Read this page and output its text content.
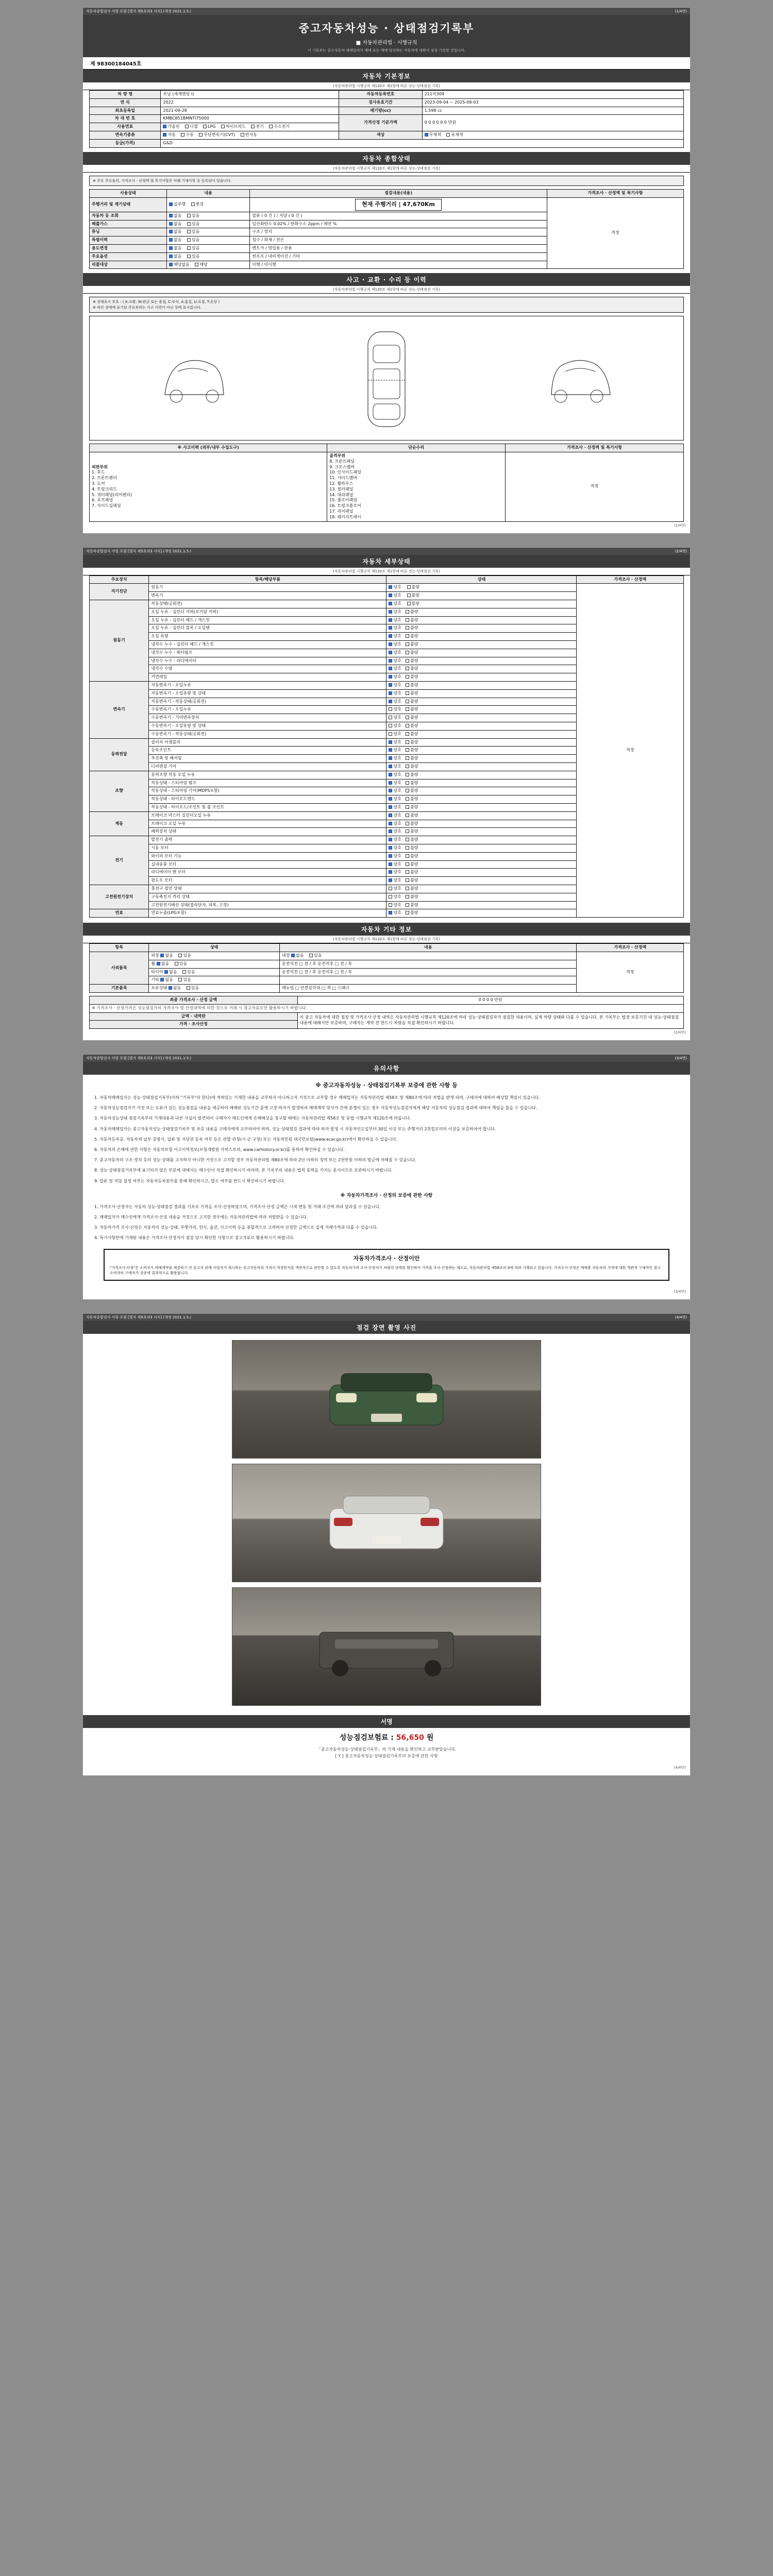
자동차종합검사 사항 포함 [별지 제5호의3 서식] (개정 2021.1.5.)	(1/4면)
중고자동차성능 · 상태점검기록부
■ 자동차관리법 · 시행규칙
이 기록부는 중고자동차 매매업자가 매매 또는 매매 알선하는 자동차에 대하여 점검·기록한 것입니다.
제 98300184045호
자동차 기본정보
(자동차관리법 시행규칙 제120조 제1항에 따른 성능·상태점검 기록)
차 량 명	쏘낭 (세계엔딩 Ⅰ)	자동차등록번호	211머309
연 식	2022	검사유효기간	2023-09-04 ~ 2025-09-03
최초등록일	2021-09-28	배기량(cc)	1,598 cc
차 대 번 호	KMBC851BMNTI75000	가격산정 기준가액	0 0 0 0 0 0 만원
사용연료	가솔린 디젤 LPG 하이브리드 전기 수소전기		
변속기종류	자동 수동 무단변속기(CVT) 반자동	색상	무채색 유채색
등급(가격)	G&D		
자동차 종합상태
(자동차관리법 시행규칙 제120조 제1항에 따른 성능·상태점검 기록)
※ 주요 주요옵션, 가격조사 · 산정액 및 특기사항은 아래 기재사항 중 등록되어 있습니다.
사용상태	내용	점검내용(내용)	가격조사 · 산정액 및 특기사항
주행거리 및 계기상태	실주행 변경	현재 주행거리 | 47,670Km	적정
자동차 등 조회	없음 있음	압류 ( 0 건 ) / 저당 ( 0 건 )	
배출가스	없음 있음	일산화탄소 0.02% / 탄화수소 2ppm / 매연 %	
튜닝	없음 있음	구조 / 장치	
특별이력	없음 있음	침수 / 화재 / 전손	
용도변경	없음 있음	렌트카 / 영업용 / 관용	
주요옵션	없음 있음	썬루프 / 내비게이션 / 기타	
리콜대상	해당없음 해당	이행 / 미이행	
사고 · 교환 · 수리 등 이력
(자동차관리법 시행규칙 제120조 제1항에 따른 성능·상태점검 기록)
※ 상태표시 부호 : ( X:교환, W:판금 또는 용접, C:부식, A:흠집, U:요철, T:손상 )
※ 하단 상태에 표기된 주요부위는 사고 이력이 아닌 상태 표시입니다.
※ 사고이력 (외부/내부 수집도구)	단순수리	가격조사 · 산정액 및 특기사항

외판부위
1. 후드
2. 프론트펜더
3. 도어
4. 트렁크리드
5. 쿼터패널(리어펜더)
6. 루프패널
7. 사이드실패널

골격부위
8. 프론트패널
9. 크로스멤버
10. 인사이드패널
11. 사이드멤버
12. 휠하우스
13. 필러패널
14. 대쉬패널
15. 플로어패널
16. 트렁크플로어
17. 리어패널
18. 패키지트레이
	적정
(1/4면)
자동차종합검사 사항 포함 [별지 제5호의3 서식] (개정 2021.1.5.)	(2/4면)
자동차 세부상태
(자동차관리법 시행규칙 제120조 제1항에 따른 성능·상태점검 기록)
주요장치	항목/해당부품	상태	가격조사 · 산정액
자기진단	원동기	양호 불량	적정
	변속기	양호 불량	
원동기	작동상태(공회전)	양호 불량	
	오일 누유 - 실린더 커버(로커암 커버)	양호 불량	
	오일 누유 - 실린더 헤드 / 개스킷	양호 불량	
	오일 누유 - 실린더 블록 / 오일팬	양호 불량	
	오일 유량	양호 불량	
	냉각수 누수 - 실린더 헤드 / 개스킷	양호 불량	
	냉각수 누수 - 워터펌프	양호 불량	
	냉각수 누수 - 라디에이터	양호 불량	
	냉각수 수량	양호 불량	
	커먼레일	양호 불량	
변속기	자동변속기 - 오일누유	양호 불량	
	자동변속기 - 오일유량 및 상태	양호 불량	
	자동변속기 - 작동상태(공회전)	양호 불량	
	수동변속기 - 오일누유	양호 불량	
	수동변속기 - 기어변속장치	양호 불량	
	수동변속기 - 오일유량 및 상태	양호 불량	
	수동변속기 - 작동상태(공회전)	양호 불량	
동력전달	클러치 어셈블리	양호 불량	
	등속조인트	양호 불량	
	추진축 및 베어링	양호 불량	
	디퍼렌셜 기어	양호 불량	
조향	동력조향 작동 오일 누유	양호 불량	
	작동상태 - 스티어링 펌프	양호 불량	
	작동상태 - 스티어링 기어(MDPS포함)	양호 불량	
	작동상태 - 타이로드엔드	양호 불량	
	작동상태 - 타이로드/조인트 및 볼 조인트	양호 불량	
제동	브레이크 마스터 실린더오일 누유	양호 불량	
	브레이크 오일 누유	양호 불량	
	배력장치 상태	양호 불량	
전기	발전기 출력	양호 불량	
	시동 모터	양호 불량	
	와이퍼 모터 기능	양호 불량	
	실내송풍 모터	양호 불량	
	라디에이터 팬 모터	양호 불량	
	윈도우 모터	양호 불량	
고전원전기장치	충전구 절연 상태	양호 불량	
	구동축전지 격리 상태	양호 불량	
	고전원전기배선 상태(접속단자, 피복, 고정)	양호 불량	
연료	연료누출(LPG포함)	양호 불량	
자동차 기타 정보
(자동차관리법 시행규칙 제120조 제1항에 따른 성능·상태점검 기록)
항목	상태	내용	가격조사 · 산정액
사외품목	외장 없음 있음	내장 없음 있음	적정
	휠 없음 있음	운전석전 □ 전 / 후 운전석후 □ 전 / 후	
	타이어 없음 있음	운전석전 □ 전 / 후 운전석후 □ 전 / 후	
	기타 없음 있음		
기본품목	보유상태 없음 있음	매뉴얼 □ 안전삼각대 □ 잭 □ 스패너	
최종 가격조사 · 산정 금액	0 0 0 0 만원
※ 가격조사 · 산정가격은 성능점검자의 가격조사 및 산정내역에 의한 것으로 거래 시 참고자료로만 활용하시기 바랍니다.	
금액 · 내역란	이 중고 자동차에 대한 점검 및 가격조사·산정 내역은 자동차관리법 시행규칙 제120조에 따라 성능·상태점검자가 점검한 내용이며, 실제 차량 상태와 다를 수 있습니다. 본 기록부는 법정 보증기간 내 성능·상태점검 내용에 대해서만 보증하며, 구매자는 계약 전 반드시 차량을 직접 확인하시기 바랍니다.
가격 · 조사산정	
(2/4면)
자동차종합검사 사항 포함 [별지 제5호의3 서식] (개정 2021.1.5.)	(3/4면)
유의사항
※ 중고자동차성능 · 상태점검기록부 보증에 관한 사항 등

1. 자동차매매업자는 성능·상태점검기록부(이하 "기록부"라 한다)에 적혀있는 기재한 내용을 교부하지 아니하고자 거짓으로 교부할 경우 매매업자는 자동차관리법 제58조 및 제80조에 따라 처벌을 받게 되며, 구매자에 대하여 배상할 책임이 있습니다.

2. 자동차성능점검자가 거짓 또는 오류가 있는 성능점검을 내용을 제공하여 매매된 성능기간 중에 고장·하자가 발생하여 매매계약 당사자 간에 분쟁이 있는 경우 자동차성능점검자에게 해당 자동차의 성능점검 결과에 대하여 책임을 물을 수 있습니다.

3. 자동차성능상태 점검기록부의 기재내용과 다른 사실이 발견되어 구매자가 매도인에게 손해배상을 청구할 때에는 자동차관리법 제58조 및 동법 시행규칙 제120조에 따릅니다.

4. 자동차매매업자는 중고자동차성능·상태점검기록부 및 보증 내용을 구매자에게 교부하여야 하며, 성능·상태점검 결과에 따라 하자 발생 시 자동차인도일부터 30일 이상 또는 주행거리 2천킬로미터 이상을 보증하여야 합니다.

5. 자동차등록증, 자동차세 납부 증명서, 압류 및 저당권 등록 여부 등은 관할 관청(시·군·구청) 또는 자동차민원 대국민포털(www.ecar.go.kr)에서 확인하실 수 있습니다.

6. 자동차의 손해에 관한 사항은 자동차보험 사고이력정보(보험개발원 카히스토리, www.carhistory.or.kr)를 통하여 확인하실 수 있습니다.

7. 중고자동차의 구조·장치 등의 성능·상태를 고지하지 아니한 거짓으로 고지할 경우 자동차관리법 제80조에 따라 2년 이하의 징역 또는 2천만원 이하의 벌금에 처해질 수 있습니다.

8. 성능·상태점검기록부에 표기되지 않은 부분에 대해서는 매수인이 직접 확인하시기 바라며, 본 기록부의 내용은 법적 효력을 가지는 문서이므로 보관하시기 바랍니다.

9. 압류 및 저당 설정 여부는 자동차등록원부를 통해 확인하시고, 말소 여부를 반드시 확인하시기 바랍니다.

※ 자동차가격조사 · 산정의 보증에 관한 사항

1. 가격조사·산정자는 자동차 성능·상태점검 결과를 기초로 가격을 조사·산정하였으며, 가격조사·산정 금액은 시세 변동 및 거래 조건에 따라 달라질 수 있습니다.

2. 매매업자가 매수인에게 가격조사·산정 내용을 거짓으로 고지한 경우에는 자동차관리법에 따라 처벌받을 수 있습니다.

3. 자동차가격 조사·산정은 자동차의 성능·상태, 주행거리, 연식, 옵션, 사고이력 등을 종합적으로 고려하여 산정한 금액으로 실제 거래가격과 다를 수 있습니다.

4. 특기사항란에 기재된 내용은 가격조사·산정자가 점검 당시 확인한 사항으로 참고자료로 활용하시기 바랍니다.

자동차가격조사 · 산정이안
"가격조사·산정"은 소비자가 매매계약을 체결하기 전 중고차 판매 사업자가 제시하는 중고자동차의 가격이 적정한지를 객관적으로 판단할 수 있도록 자동차가격 조사·산정자가 차량의 상태를 확인하여 가격을 조사·산정하는 제도로, 자동차관리법 제58조의 4에 따라 시행되고 있습니다. 가격조사·산정은 매매용 자동차의 가격에 대한 객관적 구체적인 참고 소비자의 구매자가 검증에 결과적으로 활용됩니다.
(3/4면)
자동차종합검사 사항 포함 [별지 제5호의3 서식] (개정 2021.1.5.)	(4/4면)
점검 장면 촬영 사진
서명
성능점검보험료 : 56,650 원
「중고자동차성능·상태점검기록부」의 기재 내용을 확인하고 교부받았습니다.
[ Y ] 중고자동차성능·상태점검기록부의 보증에 관한 사항
(4/4면)
